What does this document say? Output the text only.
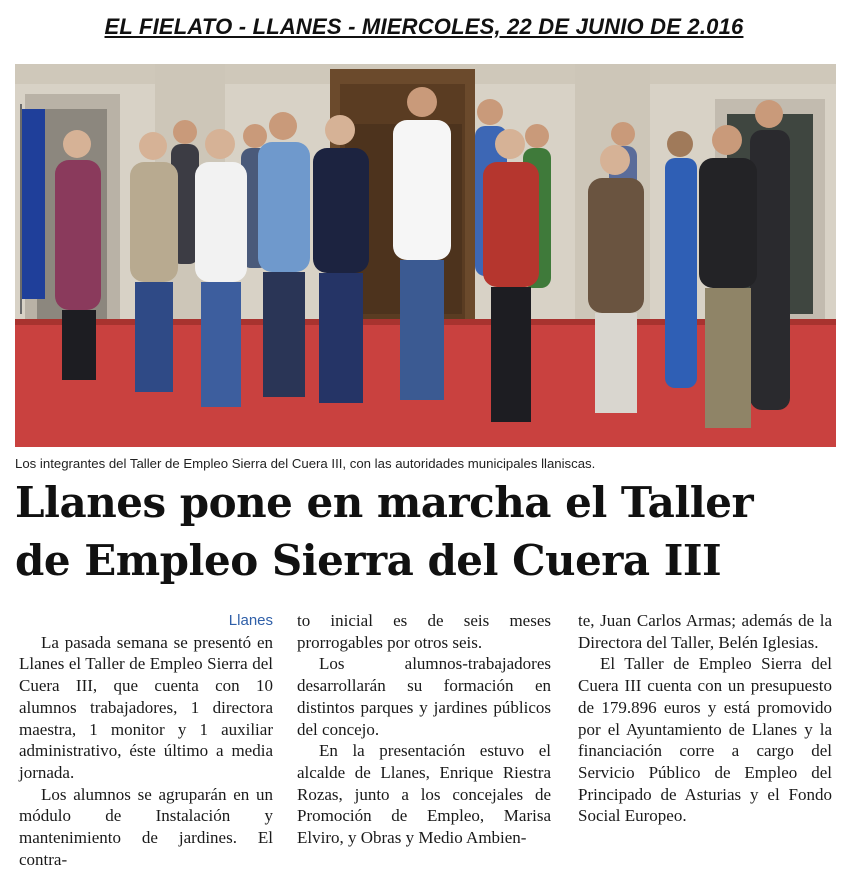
EL FIELATO - LLANES - MIERCOLES, 22 DE JUNIO DE 2.016
Los integrantes del Taller de Empleo Sierra del Cuera III, con las autoridades municipales llaniscas.
Llanes pone en marcha el Taller
de Empleo Sierra del Cuera III
Llanes

La pasada semana se presentó en Llanes el Taller de Empleo Sierra del Cuera III, que cuenta con 10 alumnos trabajadores, 1 directora maestra, 1 monitor y 1 auxiliar administrativo, éste último a media jornada.

Los alumnos se agruparán en un módulo de Instalación y mantenimiento de jardines. El contra-

to inicial es de seis meses prorrogables por otros seis.

Los alumnos-trabajadores desarrollarán su formación en distintos parques y jardines públicos del concejo.

En la presentación estuvo el alcalde de Llanes, Enrique Riestra Rozas, junto a los concejales de Promoción de Empleo, Marisa Elviro, y Obras y Medio Ambien-

te, Juan Carlos Armas; además de la Directora del Taller, Belén Iglesias.

El Taller de Empleo Sierra del Cuera III cuenta con un presupuesto de 179.896 euros y está promovido por el Ayuntamiento de Llanes y la financiación corre a cargo del Servicio Público de Empleo del Principado de Asturias y el Fondo Social Europeo.
